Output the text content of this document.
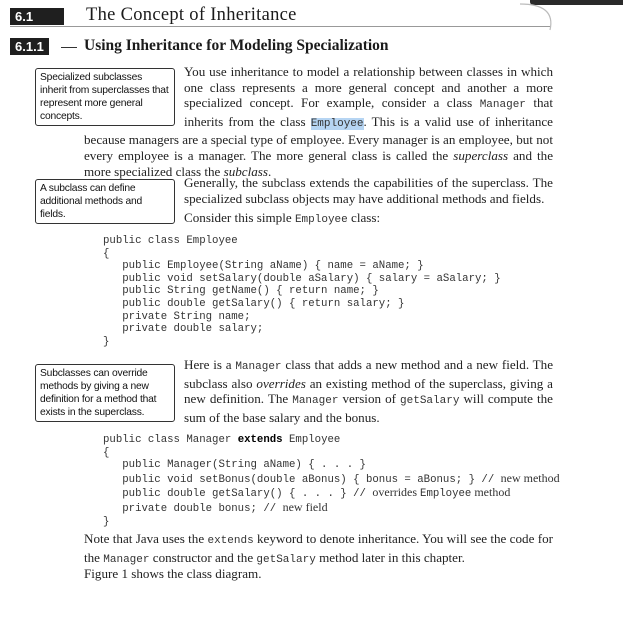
6.1	The Concept of Inheritance
6.1.1	Using Inheritance for Modeling Specialization
Specialized subclasses inherit from superclasses that represent more general concepts.
A subclass can define additional methods and fields.
Subclasses can override methods by giving a new definition for a method that exists in the superclass.
You use inheritance to model a relationship between classes in which one class represents a more general concept and another a more specialized concept. For example, consider a class Manager that inherits from the class Employee. This is a valid use of inheritance because managers are a special type of employee. Every manager is an employee, but not every employee is a manager. The more general class is called the superclass and the more specialized class the subclass.
Generally, the subclass extends the capabilities of the superclass. The specialized subclass objects may have additional methods and fields.
Consider this simple Employee class:
public class Employee
{
public Employee(String aName) { name = aName; }
public void setSalary(double aSalary) { salary = aSalary; }
public String getName() { return name; }
public double getSalary() { return salary; }
private String name;
private double salary;
}
Here is a Manager class that adds a new method and a new field. The subclass also overrides an existing method of the superclass, giving a new definition. The Manager version of getSalary will compute the sum of the base salary and the bonus.
public class Manager extends Employee
{
public Manager(String aName) { . . . }
public void setBonus(double aBonus) { bonus = aBonus; } // new method
public double getSalary() { . . . } // overrides Employee method
private double bonus; // new field
}
Note that Java uses the extends keyword to denote inheritance. You will see the code for the Manager constructor and the getSalary method later in this chapter.
Figure 1 shows the class diagram.
